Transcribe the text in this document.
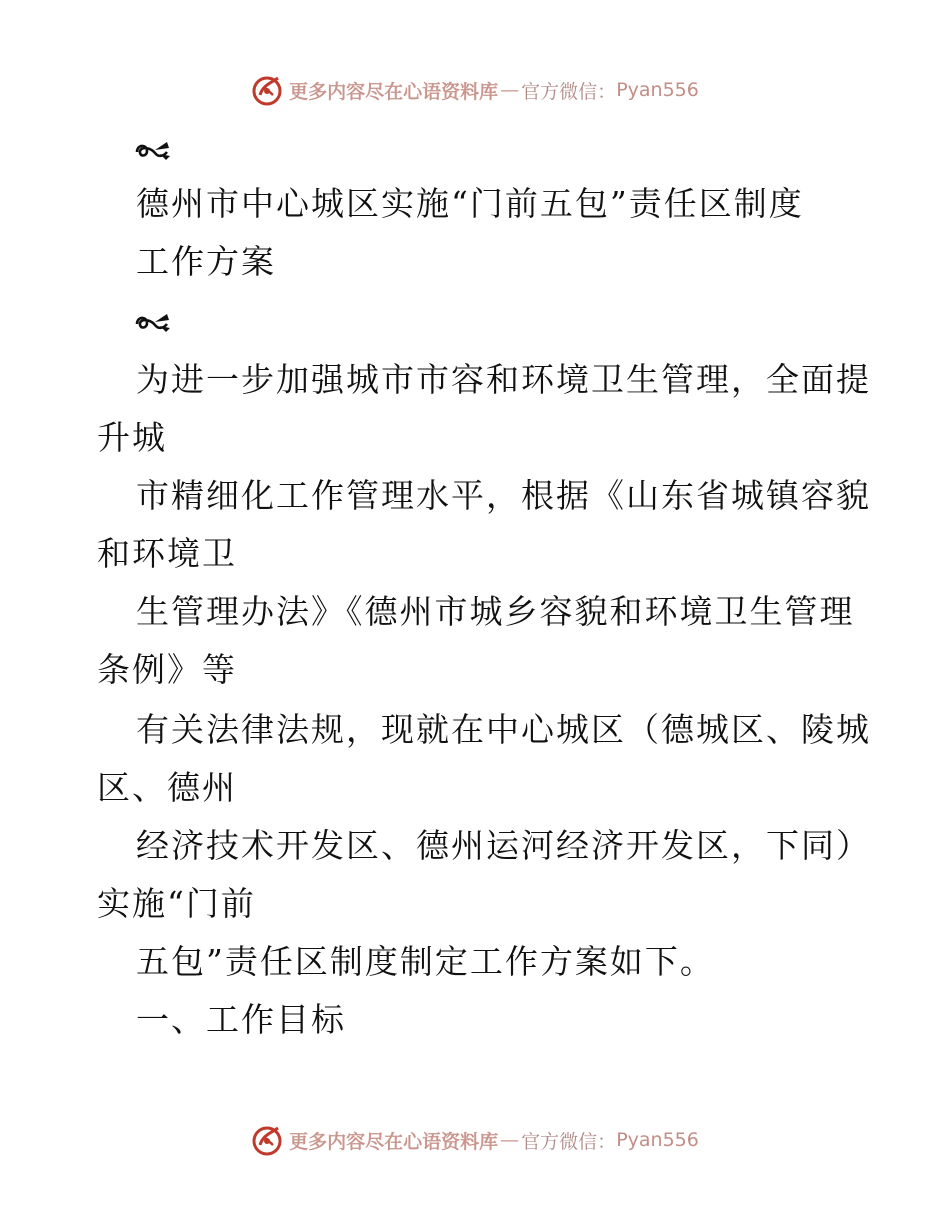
更多内容尽在心语资料库 — 官方微信： Pyan556
德州市中心城区实施“门前五包”责任区制度
工作方案
为进一步加强城市市容和环境卫生管理，全面提
升城
市精细化工作管理水平，根据《山东省城镇容貌
和环境卫
生管理办法》《德州市城乡容貌和环境卫生管理
条例》等
有关法律法规，现就在中心城区（德城区、陵城
区、德州
经济技术开发区、德州运河经济开发区，下同）
实施“门前
五包”责任区制度制定工作方案如下。
一、工作目标
更多内容尽在心语资料库 — 官方微信： Pyan556
